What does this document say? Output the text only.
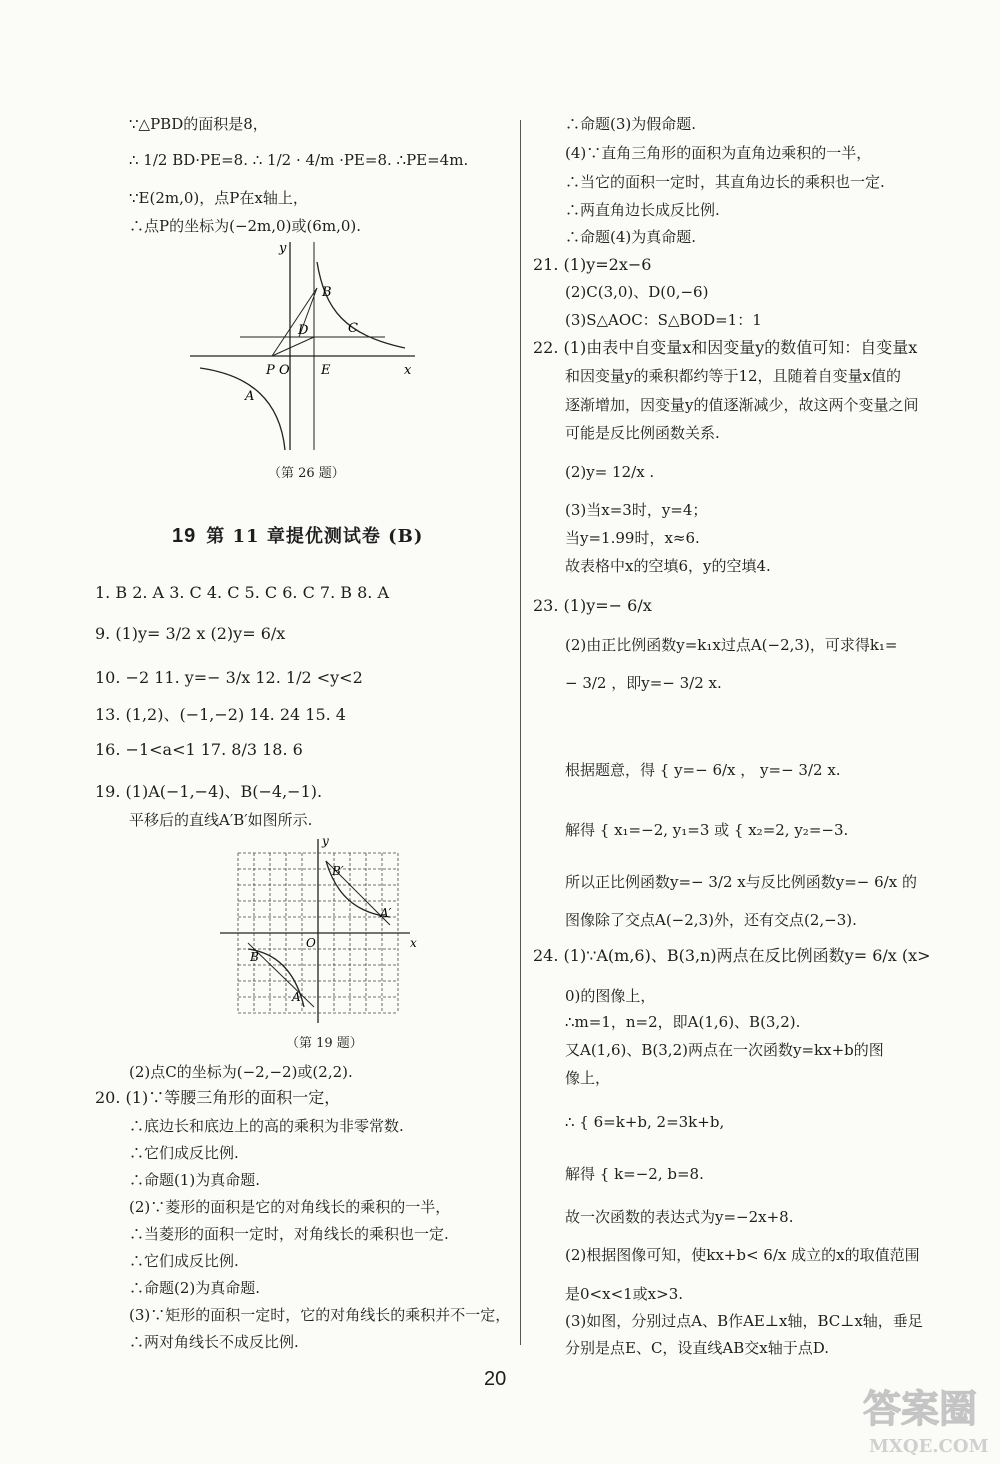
∵△PBD的面积是8，
∴ 1/2 BD·PE=8. ∴ 1/2 · 4/m ·PE=8. ∴PE=4m.
∵E(2m,0)，点P在x轴上，
∴点P的坐标为(−2m,0)或(6m,0).
y
x
B
D	C
P O E
A
（第 26 题）
19 第 11 章提优测试卷 (B)
1. B 2. A 3. C 4. C 5. C 6. C 7. B 8. A
9. (1)y= 3/2 x (2)y= 6/x
10. −2 11. y=− 3/x 12. 1/2 <y<2
13. (1,2)、(−1,−2) 14. 24 15. 4
16. −1<a<1 17. 8/3 18. 6
19. (1)A(−1,−4)、B(−4,−1).
平移后的直线A′B′如图所示.
y
x
O
B′
A′
B
A
（第 19 题）
(2)点C的坐标为(−2,−2)或(2,2).
20. (1)∵等腰三角形的面积一定，
∴底边长和底边上的高的乘积为非零常数.
∴它们成反比例.
∴命题(1)为真命题.
(2)∵菱形的面积是它的对角线长的乘积的一半，
∴当菱形的面积一定时，对角线长的乘积也一定.
∴它们成反比例.
∴命题(2)为真命题.
(3)∵矩形的面积一定时，它的对角线长的乘积并不一定，
∴两对角线长不成反比例.
∴命题(3)为假命题.
(4)∵直角三角形的面积为直角边乘积的一半，
∴当它的面积一定时，其直角边长的乘积也一定.
∴两直角边长成反比例.
∴命题(4)为真命题.
21. (1)y=2x−6
(2)C(3,0)、D(0,−6)
(3)S△AOC：S△BOD=1：1
22. (1)由表中自变量x和因变量y的数值可知：自变量x
和因变量y的乘积都约等于12，且随着自变量x值的
逐渐增加，因变量y的值逐渐减少，故这两个变量之间
可能是反比例函数关系.
(2)y= 12/x .
(3)当x=3时，y=4；
当y=1.99时，x≈6.
故表格中x的空填6，y的空填4.
23. (1)y=− 6/x
(2)由正比例函数y=k₁x过点A(−2,3)，可求得k₁=
− 3/2 ，即y=− 3/2 x.
根据题意，得 { y=− 6/x ， y=− 3/2 x.
解得 { x₁=−2, y₁=3 或 { x₂=2, y₂=−3.
所以正比例函数y=− 3/2 x与反比例函数y=− 6/x 的
图像除了交点A(−2,3)外，还有交点(2,−3).
24. (1)∵A(m,6)、B(3,n)两点在反比例函数y= 6/x (x>
0)的图像上，
∴m=1，n=2，即A(1,6)、B(3,2).
又A(1,6)、B(3,2)两点在一次函数y=kx+b的图
像上，
∴ { 6=k+b, 2=3k+b,
解得 { k=−2, b=8.
故一次函数的表达式为y=−2x+8.
(2)根据图像可知，使kx+b< 6/x 成立的x的取值范围
是0<x<1或x>3.
(3)如图，分别过点A、B作AE⊥x轴，BC⊥x轴，垂足
分别是点E、C，设直线AB交x轴于点D.
20
答案圈
MXQE.COM
